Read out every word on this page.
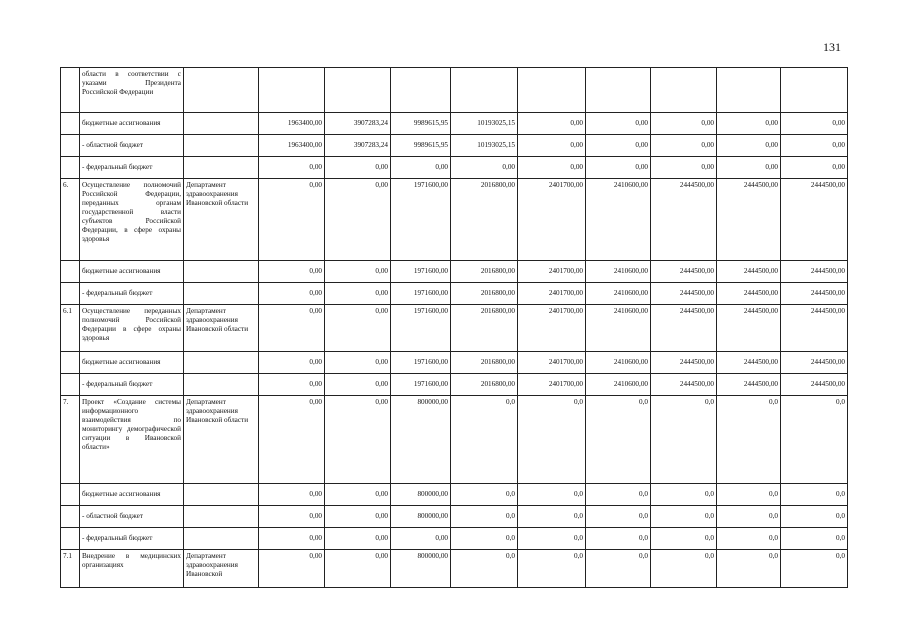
131
	области в соответствии с указами Президента Российской Федерации										
	бюджетные ассигнования		1963400,00	3907283,24	9989615,95	10193025,15	0,00	0,00	0,00	0,00	0,00
	- областной бюджет		1963400,00	3907283,24	9989615,95	10193025,15	0,00	0,00	0,00	0,00	0,00
	- федеральный бюджет		0,00	0,00	0,00	0,00	0,00	0,00	0,00	0,00	0,00
6.	Осуществление полномочий Российской Федерации, переданных органам государственной власти субъектов Российской Федерации, в сфере охраны здоровья	Департамент здравоохранения Ивановской области	0,00	0,00	1971600,00	2016800,00	2401700,00	2410600,00	2444500,00	2444500,00	2444500,00
	бюджетные ассигнования		0,00	0,00	1971600,00	2016800,00	2401700,00	2410600,00	2444500,00	2444500,00	2444500,00
	- федеральный бюджет		0,00	0,00	1971600,00	2016800,00	2401700,00	2410600,00	2444500,00	2444500,00	2444500,00
6.1	Осуществление переданных полномочий Российской Федерации в сфере охраны здоровья	Департамент здравоохранения Ивановской области	0,00	0,00	1971600,00	2016800,00	2401700,00	2410600,00	2444500,00	2444500,00	2444500,00
	бюджетные ассигнования		0,00	0,00	1971600,00	2016800,00	2401700,00	2410600,00	2444500,00	2444500,00	2444500,00
	- федеральный бюджет		0,00	0,00	1971600,00	2016800,00	2401700,00	2410600,00	2444500,00	2444500,00	2444500,00
7.	Проект «Создание системы информационного взаимодействия по мониторингу демографической ситуации в Ивановской области»	Департамент здравоохранения Ивановской области	0,00	0,00	800000,00	0,0	0,0	0,0	0,0	0,0	0,0
	бюджетные ассигнования		0,00	0,00	800000,00	0,0	0,0	0,0	0,0	0,0	0,0
	- областной бюджет		0,00	0,00	800000,00	0,0	0,0	0,0	0,0	0,0	0,0
	- федеральный бюджет		0,00	0,00	0,00	0,0	0,0	0,0	0,0	0,0	0,0
7.1	Внедрение в медицинских организациях	Департамент здравоохранения Ивановской	0,00	0,00	800000,00	0,0	0,0	0,0	0,0	0,0	0,0
